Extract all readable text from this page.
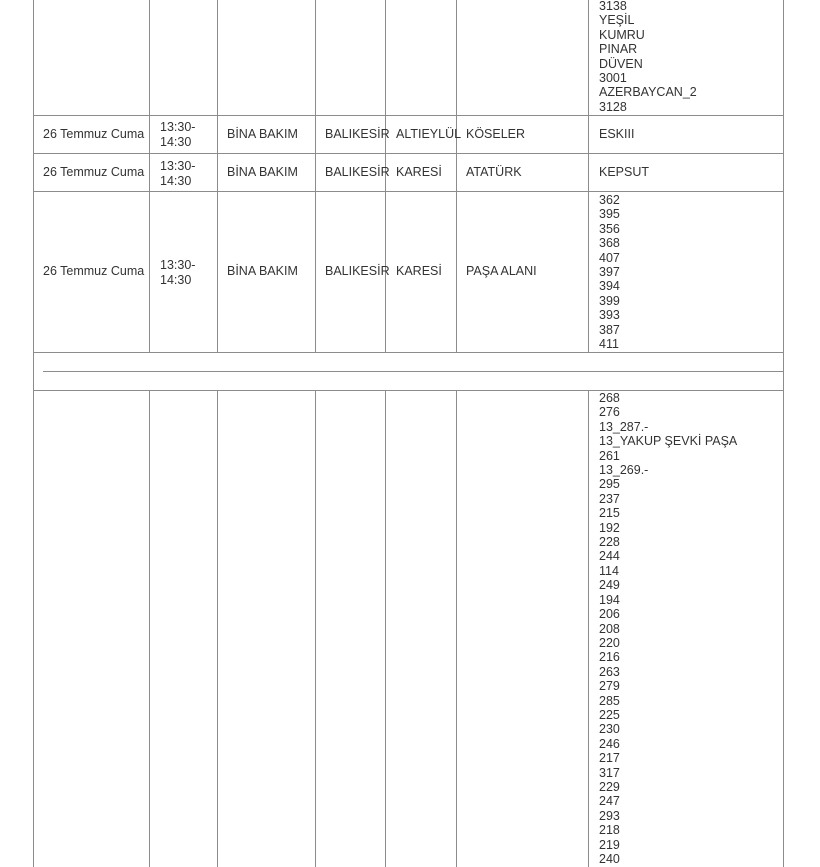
3138
YEŞİL
KUMRU
PINAR
DÜVEN
3001
AZERBAYCAN_2
3128
26 Temmuz Cuma 13:30-
14:30
BİNA BAKIM BALIKESİR ALTIEYLÜL KÖSELER	ESKIII
26 Temmuz Cuma 13:30-
14:30
BİNA BAKIM BALIKESİR KARESİ ATATÜRK	KEPSUT
26 Temmuz Cuma 13:30-
14:30
BİNA BAKIM BALIKESİR KARESİ PAŞA ALANI
362
395
356
368
407
397
394
399
393
387
411
268
276
13_287.-
13_YAKUP ŞEVKİ PAŞA
261
13_269.-
295
237
215
192
228
244
114
249
194
206
208
220
216
263
279
285
225
230
246
217
317
229
247
293
218
219
240
